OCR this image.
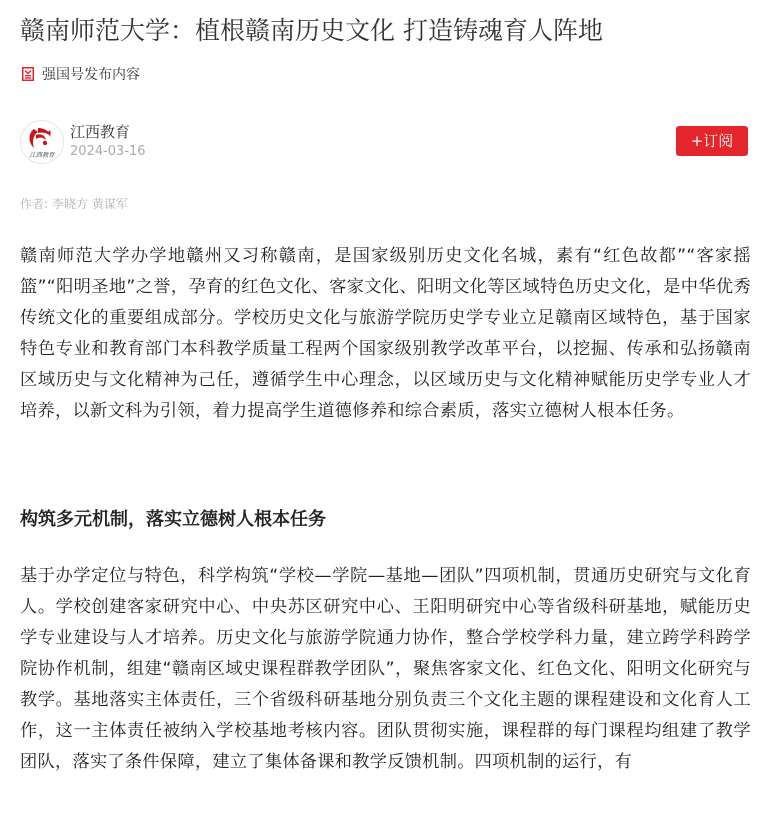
赣南师范大学：植根赣南历史文化 打造铸魂育人阵地
强国号发布内容
江西教育
江西教育
2024-03-16
+订阅
作者: 李晓方 黄谋军

赣南师范大学办学地赣州又习称赣南，是国家级别历史文化名城，素有“红色故都”“客家摇篮”“阳明圣地”之誉，孕育的红色文化、客家文化、阳明文化等区域特色历史文化，是中华优秀传统文化的重要组成部分。学校历史文化与旅游学院历史学专业立足赣南区域特色，基于国家特色专业和教育部门本科教学质量工程两个国家级别教学改革平台，以挖掘、传承和弘扬赣南区域历史与文化精神为己任，遵循学生中心理念，以区域历史与文化精神赋能历史学专业人才培养，以新文科为引领，着力提高学生道德修养和综合素质，落实立德树人根本任务。

构筑多元机制，落实立德树人根本任务

基于办学定位与特色，科学构筑“学校—学院—基地—团队”四项机制，贯通历史研究与文化育人。学校创建客家研究中心、中央苏区研究中心、王阳明研究中心等省级科研基地，赋能历史学专业建设与人才培养。历史文化与旅游学院通力协作，整合学校学科力量，建立跨学科跨学院协作机制，组建“赣南区域史课程群教学团队”，聚焦客家文化、红色文化、阳明文化研究与教学。基地落实主体责任，三个省级科研基地分别负责三个文化主题的课程建设和文化育人工作，这一主体责任被纳入学校基地考核内容。团队贯彻实施，课程群的每门课程均组建了教学团队，落实了条件保障，建立了集体备课和教学反馈机制。四项机制的运行，有
